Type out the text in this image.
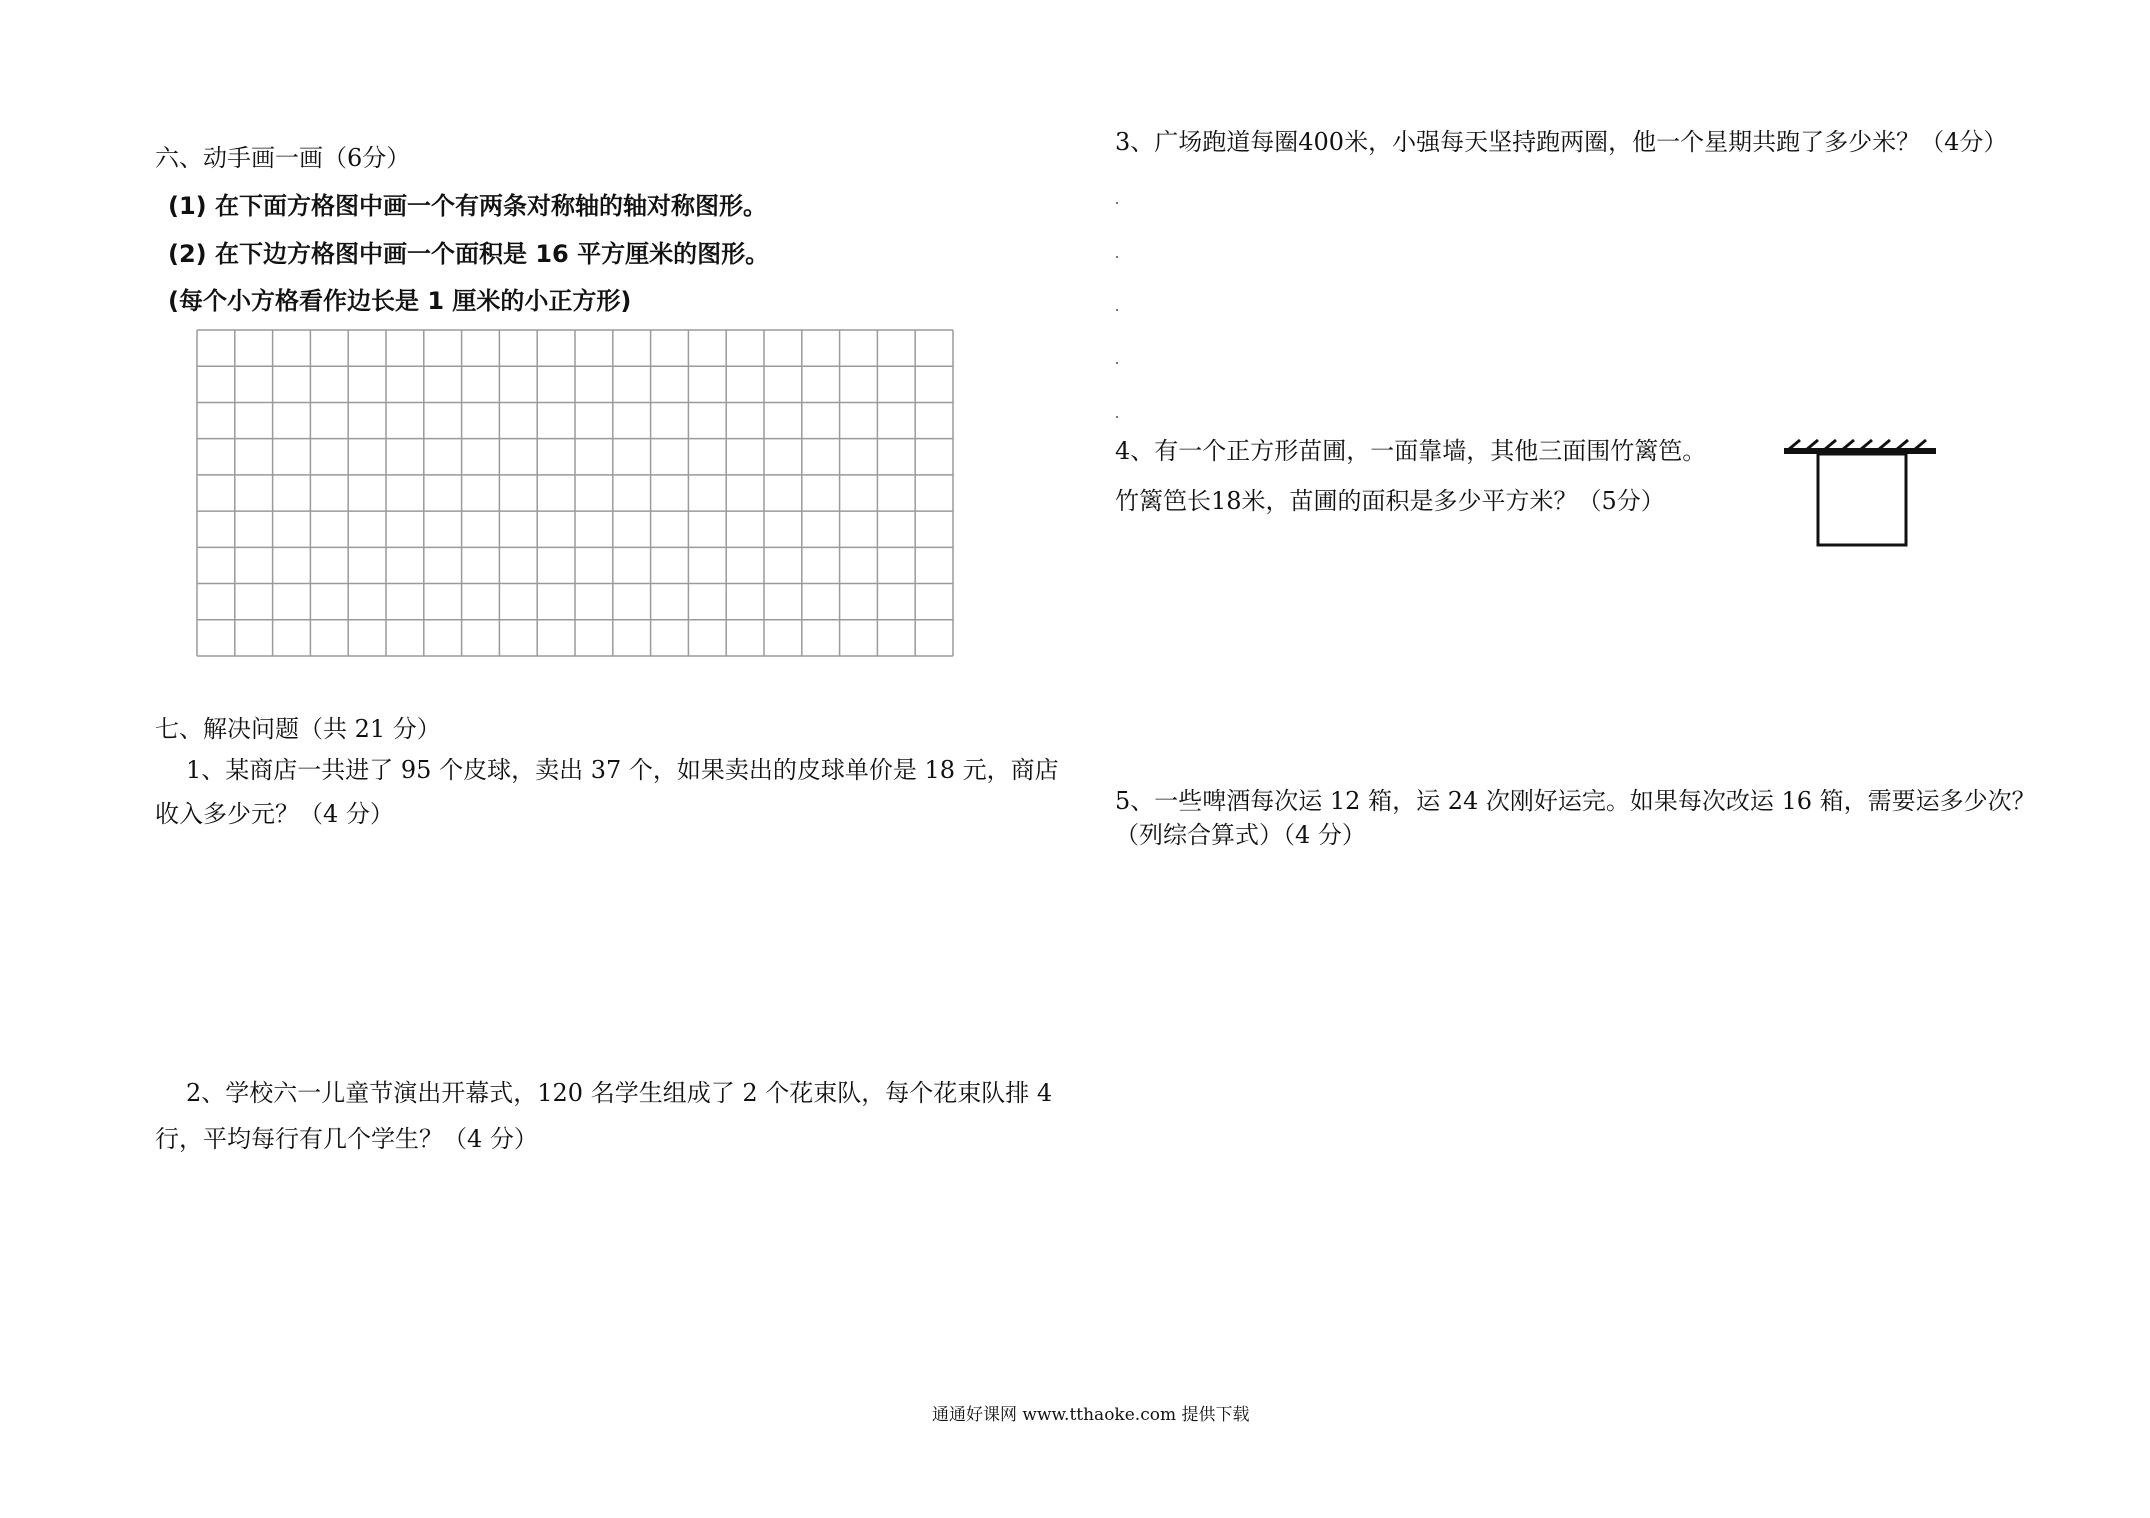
六、动手画一画（6分）
(1) 在下面方格图中画一个有两条对称轴的轴对称图形。
(2) 在下边方格图中画一个面积是 16 平方厘米的图形。
(每个小方格看作边长是 1 厘米的小正方形)
七、解决问题（共 21 分）
1、某商店一共进了 95 个皮球，卖出 37 个，如果卖出的皮球单价是 18 元，商店
收入多少元？（4 分）
2、学校六一儿童节演出开幕式，120 名学生组成了 2 个花束队，每个花束队排 4
行，平均每行有几个学生？（4 分）
3、广场跑道每圈400米，小强每天坚持跑两圈，他一个星期共跑了多少米？（4分）
4、有一个正方形苗圃，一面靠墙，其他三面围竹篱笆。
竹篱笆长18米，苗圃的面积是多少平方米？（5分）
5、一些啤酒每次运 12 箱，运 24 次刚好运完。如果每次改运 16 箱，需要运多少次？
（列综合算式）（4 分）
通通好课网 www.tthaoke.com 提供下载
